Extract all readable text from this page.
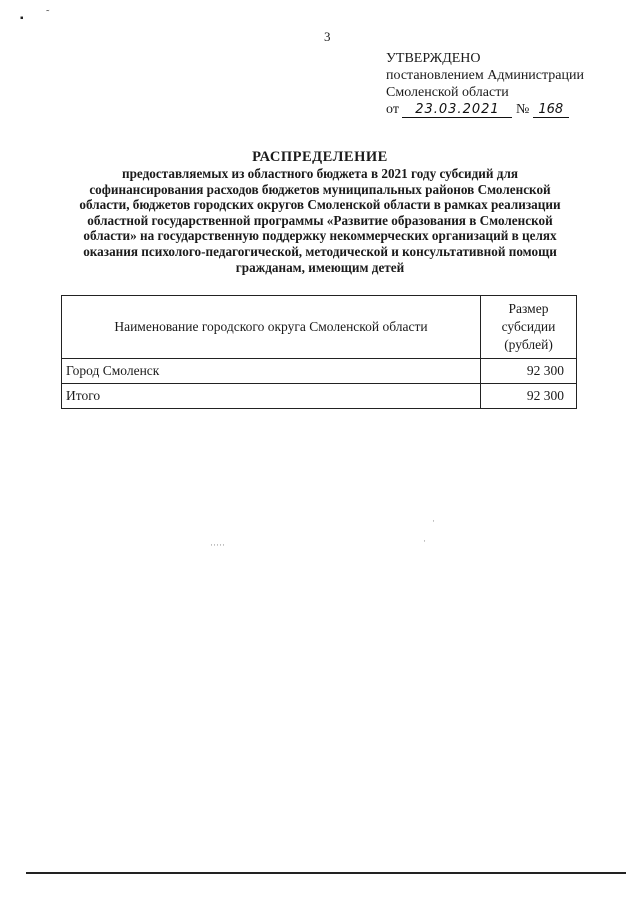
▪ ˜
3
УТВЕРЖДЕНО
постановлением Администрации
Смоленской области
от 23.03.2021 № 168
РАСПРЕДЕЛЕНИЕ
предоставляемых из областного бюджета в 2021 году субсидий для софинансирования расходов бюджетов муниципальных районов Смоленской области, бюджетов городских округов Смоленской области в рамках реализации областной государственной программы «Развитие образования в Смоленской области» на государственную поддержку некоммерческих организаций в целях оказания психолого-педагогической, методической и консультативной помощи гражданам, имеющим детей
Наименование городского округа Смоленской области	Размер
субсидии
(рублей)

Город Смоленск	92 300
Итого	92 300
·
·
·····
